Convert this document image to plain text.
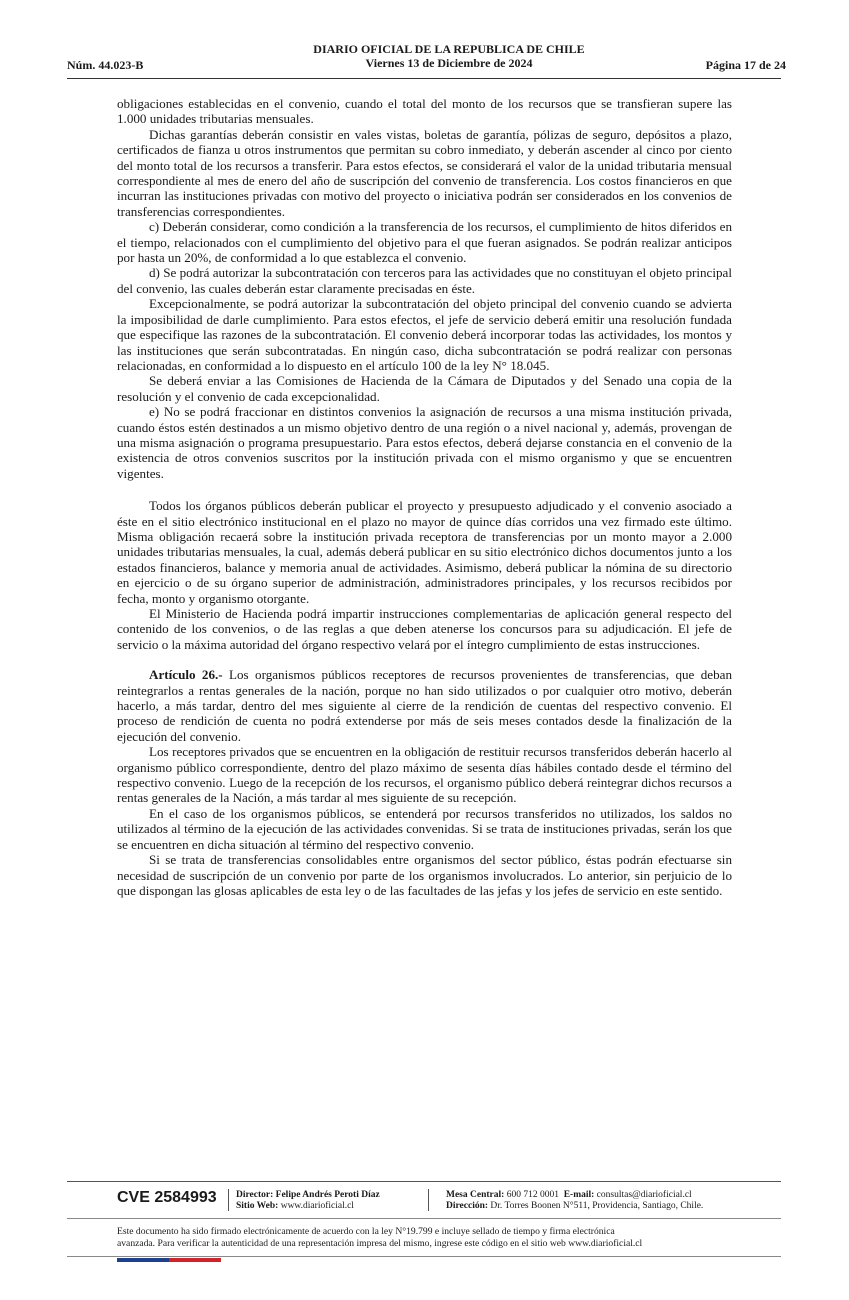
Núm. 44.023-B
DIARIO OFICIAL DE LA REPUBLICA DE CHILE
Viernes 13 de Diciembre de 2024	Página 17 de 24

obligaciones establecidas en el convenio, cuando el total del monto de los recursos que se transfieran supere las 1.000 unidades tributarias mensuales.

Dichas garantías deberán consistir en vales vistas, boletas de garantía, pólizas de seguro, depósitos a plazo, certificados de fianza u otros instrumentos que permitan su cobro inmediato, y deberán ascender al cinco por ciento del monto total de los recursos a transferir. Para estos efectos, se considerará el valor de la unidad tributaria mensual correspondiente al mes de enero del año de suscripción del convenio de transferencia. Los costos financieros en que incurran las instituciones privadas con motivo del proyecto o iniciativa podrán ser considerados en los convenios de transferencias correspondientes.

c) Deberán considerar, como condición a la transferencia de los recursos, el cumplimiento de hitos diferidos en el tiempo, relacionados con el cumplimiento del objetivo para el que fueran asignados. Se podrán realizar anticipos por hasta un 20%, de conformidad a lo que establezca el convenio.

d) Se podrá autorizar la subcontratación con terceros para las actividades que no constituyan el objeto principal del convenio, las cuales deberán estar claramente precisadas en éste.

Excepcionalmente, se podrá autorizar la subcontratación del objeto principal del convenio cuando se advierta la imposibilidad de darle cumplimiento. Para estos efectos, el jefe de servicio deberá emitir una resolución fundada que especifique las razones de la subcontratación. El convenio deberá incorporar todas las actividades, los montos y las instituciones que serán subcontratadas. En ningún caso, dicha subcontratación se podrá realizar con personas relacionadas, en conformidad a lo dispuesto en el artículo 100 de la ley N° 18.045.

Se deberá enviar a las Comisiones de Hacienda de la Cámara de Diputados y del Senado una copia de la resolución y el convenio de cada excepcionalidad.

e) No se podrá fraccionar en distintos convenios la asignación de recursos a una misma institución privada, cuando éstos estén destinados a un mismo objetivo dentro de una región o a nivel nacional y, además, provengan de una misma asignación o programa presupuestario. Para estos efectos, deberá dejarse constancia en el convenio de la existencia de otros convenios suscritos por la institución privada con el mismo organismo y que se encuentren vigentes.

Todos los órganos públicos deberán publicar el proyecto y presupuesto adjudicado y el convenio asociado a éste en el sitio electrónico institucional en el plazo no mayor de quince días corridos una vez firmado este último. Misma obligación recaerá sobre la institución privada receptora de transferencias por un monto mayor a 2.000 unidades tributarias mensuales, la cual, además deberá publicar en su sitio electrónico dichos documentos junto a los estados financieros, balance y memoria anual de actividades. Asimismo, deberá publicar la nómina de su directorio en ejercicio o de su órgano superior de administración, administradores principales, y los recursos recibidos por fecha, monto y organismo otorgante.

El Ministerio de Hacienda podrá impartir instrucciones complementarias de aplicación general respecto del contenido de los convenios, o de las reglas a que deben atenerse los concursos para su adjudicación. El jefe de servicio o la máxima autoridad del órgano respectivo velará por el íntegro cumplimiento de estas instrucciones.

Artículo 26.- Los organismos públicos receptores de recursos provenientes de transferencias, que deban reintegrarlos a rentas generales de la nación, porque no han sido utilizados o por cualquier otro motivo, deberán hacerlo, a más tardar, dentro del mes siguiente al cierre de la rendición de cuentas del respectivo convenio. El proceso de rendición de cuenta no podrá extenderse por más de seis meses contados desde la finalización de la ejecución del convenio.

Los receptores privados que se encuentren en la obligación de restituir recursos transferidos deberán hacerlo al organismo público correspondiente, dentro del plazo máximo de sesenta días hábiles contado desde el término del respectivo convenio. Luego de la recepción de los recursos, el organismo público deberá reintegrar dichos recursos a rentas generales de la Nación, a más tardar al mes siguiente de su recepción.

En el caso de los organismos públicos, se entenderá por recursos transferidos no utilizados, los saldos no utilizados al término de la ejecución de las actividades convenidas. Si se trata de instituciones privadas, serán los que se encuentren en dicha situación al término del respectivo convenio.

Si se trata de transferencias consolidables entre organismos del sector público, éstas podrán efectuarse sin necesidad de suscripción de un convenio por parte de los organismos involucrados. Lo anterior, sin perjuicio de lo que dispongan las glosas aplicables de esta ley o de las facultades de las jefas y los jefes de servicio en este sentido.

CVE 2584993 Director: Felipe Andrés Peroti Díaz
Sitio Web: www.diarioficial.cl
Mesa Central: 600 712 0001 E-mail: consultas@diarioficial.cl
Dirección: Dr. Torres Boonen N°511, Providencia, Santiago, Chile.
Este documento ha sido firmado electrónicamente de acuerdo con la ley N°19.799 e incluye sellado de tiempo y firma electrónica
avanzada. Para verificar la autenticidad de una representación impresa del mismo, ingrese este código en el sitio web www.diarioficial.cl
